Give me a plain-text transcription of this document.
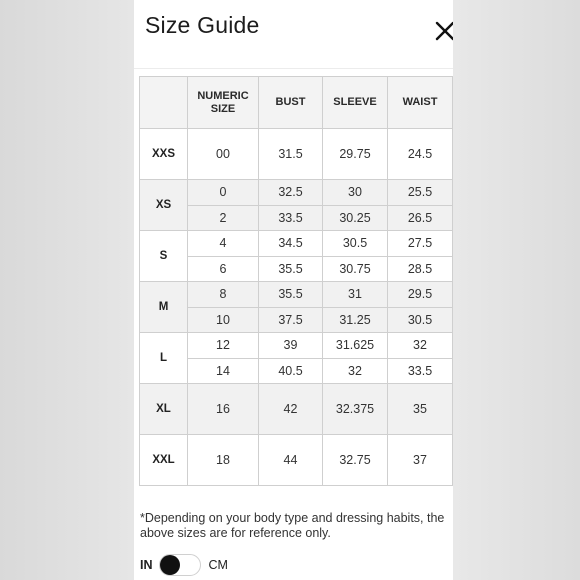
Size Guide
	NUMERIC SIZE	BUST	SLEEVE	WAIST
XXS	00	31.5	29.75	24.5
XS	0	32.5	30	25.5
	2	33.5	30.25	26.5
S	4	34.5	30.5	27.5
	6	35.5	30.75	28.5
M	8	35.5	31	29.5
	10	37.5	31.25	30.5
L	12	39	31.625	32
	14	40.5	32	33.5
XL	16	42	32.375	35
XXL	18	44	32.75	37
*Depending on your body type and dressing habits, the above sizes are for reference only.
IN	CM
